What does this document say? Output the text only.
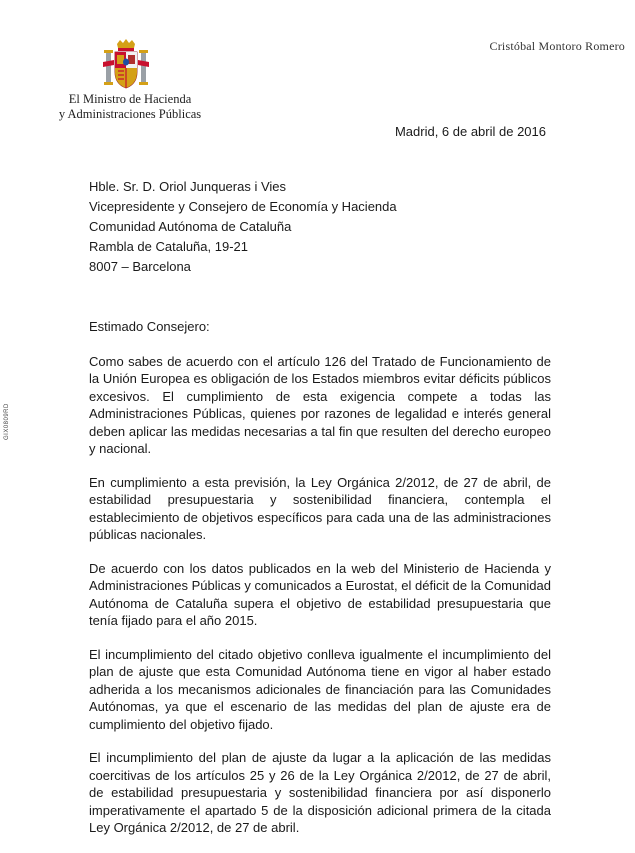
El Ministro de Hacienda
y Administraciones Públicas
Cristóbal Montoro Romero
GIX0809RD
Madrid, 6 de abril de 2016
Hble. Sr. D. Oriol Junqueras i Vies
Vicepresidente y Consejero de Economía y Hacienda
Comunidad Autónoma de Cataluña
Rambla de Cataluña, 19-21
8007 – Barcelona

Estimado Consejero:

Como sabes de acuerdo con el artículo 126 del Tratado de Funcionamiento de la Unión Europea es obligación de los Estados miembros evitar déficits públicos excesivos. El cumplimiento de esta exigencia compete a todas las Administraciones Públicas, quienes por razones de legalidad e interés general deben aplicar las medidas necesarias a tal fin que resulten del derecho europeo y nacional.

En cumplimiento a esta previsión, la Ley Orgánica 2/2012, de 27 de abril, de estabilidad presupuestaria y sostenibilidad financiera, contempla el establecimiento de objetivos específicos para cada una de las administraciones públicas nacionales.

De acuerdo con los datos publicados en la web del Ministerio de Hacienda y Administraciones Públicas y comunicados a Eurostat, el déficit de la Comunidad Autónoma de Cataluña supera el objetivo de estabilidad presupuestaria que tenía fijado para el año 2015.

El incumplimiento del citado objetivo conlleva igualmente el incumplimiento del plan de ajuste que esta Comunidad Autónoma tiene en vigor al haber estado adherida a los mecanismos adicionales de financiación para las Comunidades Autónomas, ya que el escenario de las medidas del plan de ajuste era de cumplimiento del objetivo fijado.

El incumplimiento del plan de ajuste da lugar a la aplicación de las medidas coercitivas de los artículos 25 y 26 de la Ley Orgánica 2/2012, de 27 de abril, de estabilidad presupuestaria y sostenibilidad financiera por así disponerlo imperativamente el apartado 5 de la disposición adicional primera de la citada Ley Orgánica 2/2012, de 27 de abril.
